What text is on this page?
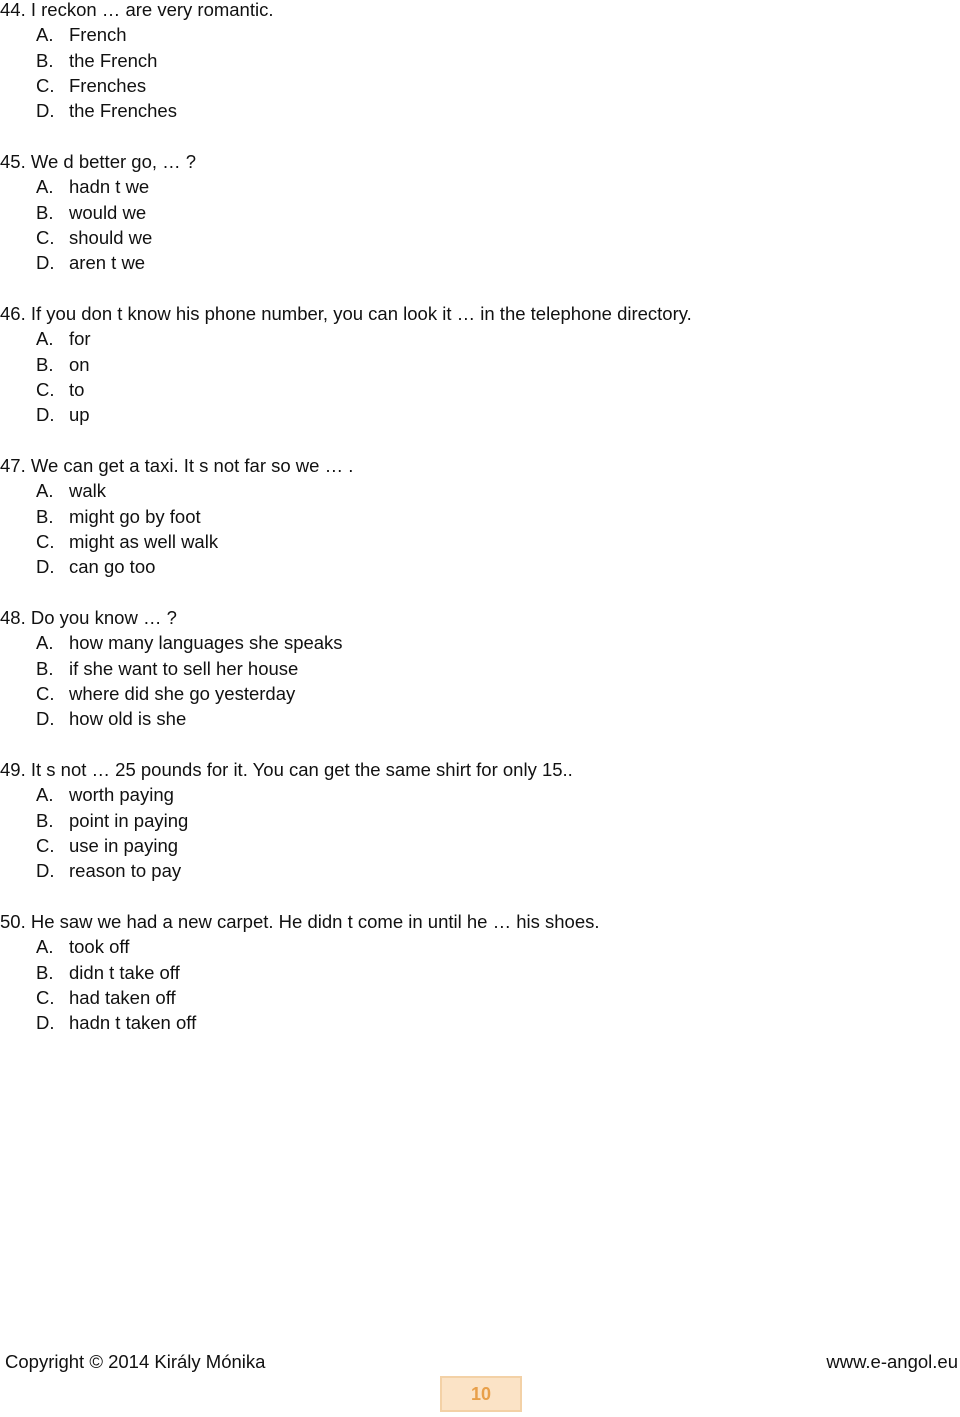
44. I reckon … are very romantic.
A. French
B. the French
C. Frenches
D. the Frenches
45. We d better go, … ?
A. hadn t we
B. would we
C. should we
D. aren t we
46. If you don t know his phone number, you can look it … in the telephone directory.
A. for
B. on
C. to
D. up
47. We can get a taxi. It s not far so we … .
A. walk
B. might go by foot
C. might as well walk
D. can go too
48. Do you know … ?
A. how many languages she speaks
B. if she want to sell her house
C. where did she go yesterday
D. how old is she
49. It s not … 25 pounds for it. You can get the same shirt for only 15..
A. worth paying
B. point in paying
C. use in paying
D. reason to pay
50. He saw we had a new carpet. He didn t come in until he … his shoes.
A. took off
B. didn t take off
C. had taken off
D. hadn t taken off
Copyright © 2014 Király Mónika	www.e-angol.eu
10
